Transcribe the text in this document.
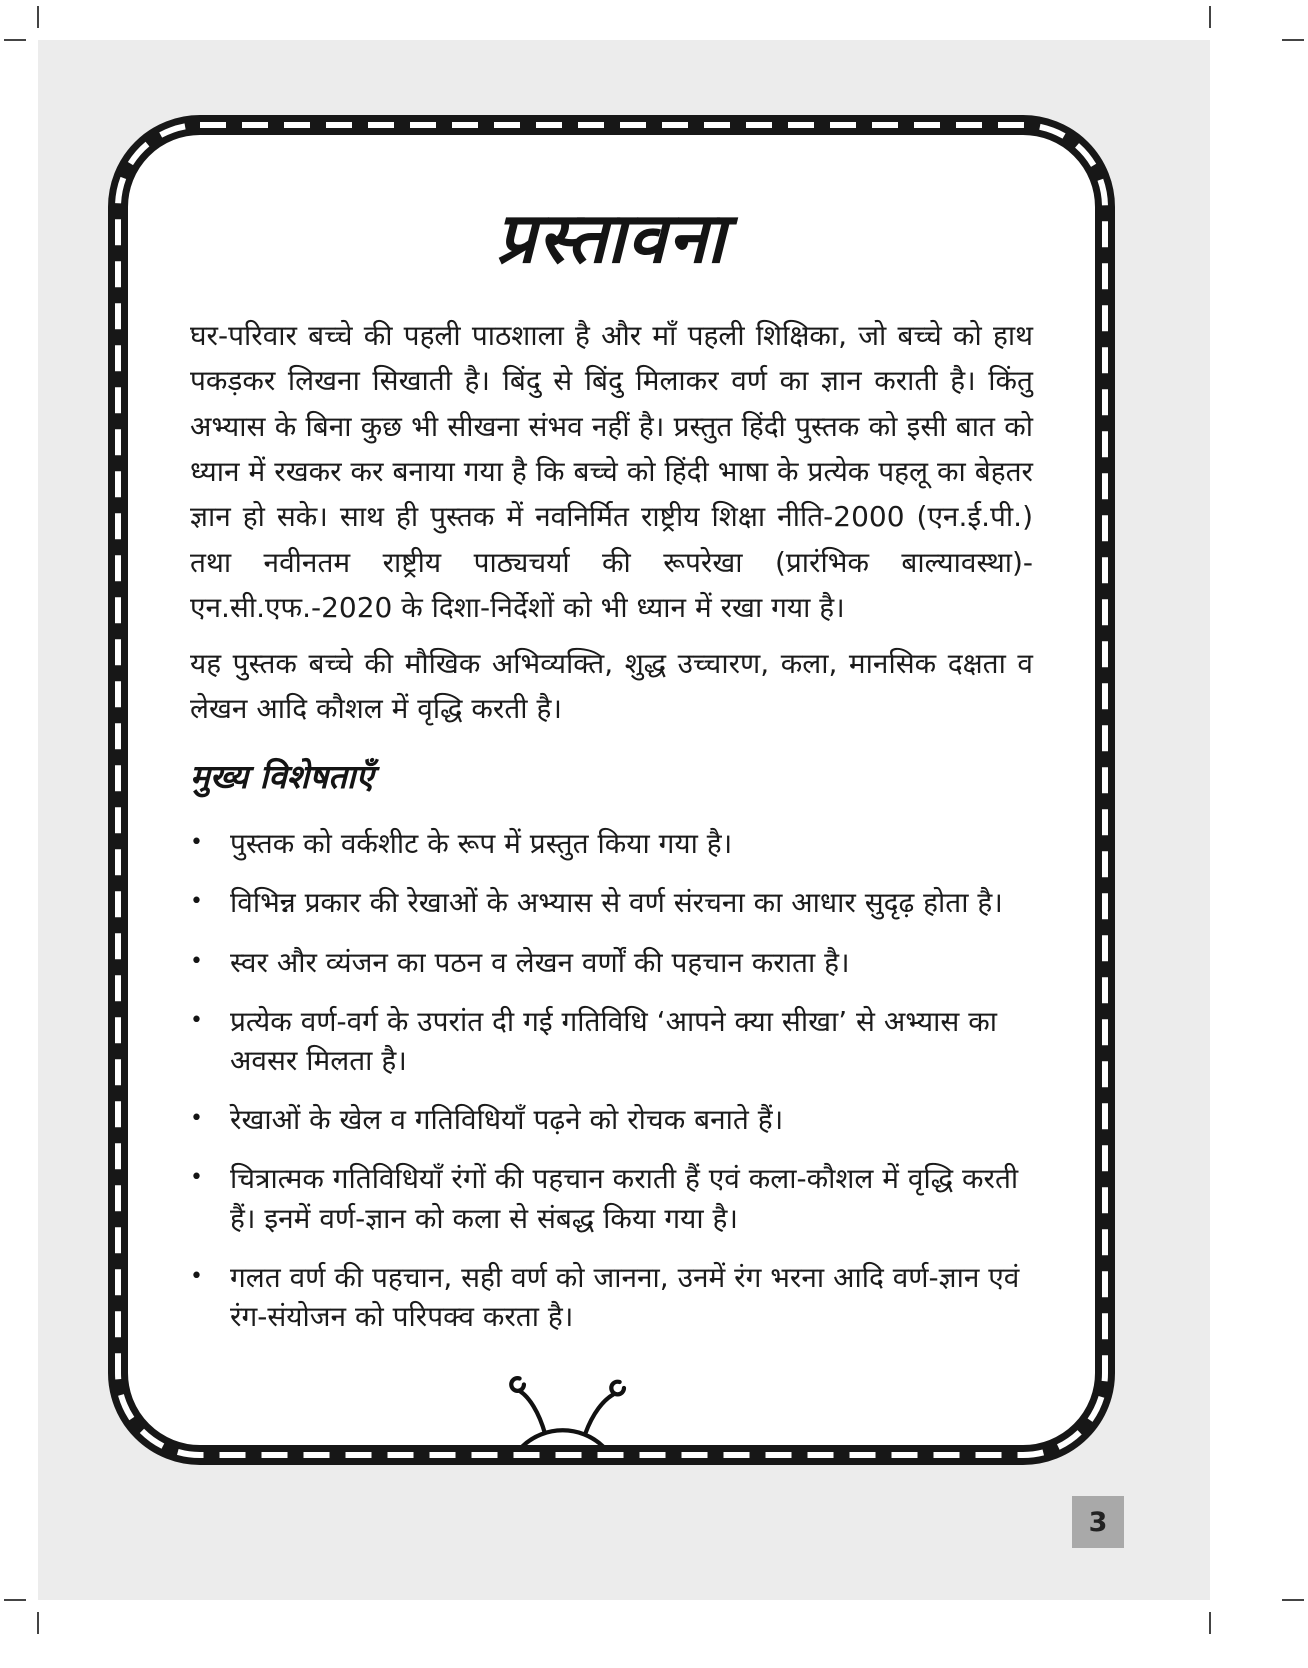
प्रस्तावना

घर-परिवार बच्चे की पहली पाठशाला है और माँ पहली शिक्षिका, जो बच्चे को हाथ पकड़कर लिखना सिखाती है। बिंदु से बिंदु मिलाकर वर्ण का ज्ञान कराती है। किंतु अभ्यास के बिना कुछ भी सीखना संभव नहीं है। प्रस्तुत हिंदी पुस्तक को इसी बात को ध्यान में रखकर कर बनाया गया है कि बच्चे को हिंदी भाषा के प्रत्येक पहलू का बेहतर ज्ञान हो सके। साथ ही पुस्तक में नवनिर्मित राष्ट्रीय शिक्षा नीति-2000 (एन.ई.पी.) तथा नवीनतम राष्ट्रीय पाठ्यचर्या की रूपरेखा (प्रारंभिक बाल्यावस्था)- एन.सी.एफ.-2020 के दिशा-निर्देशों को भी ध्यान में रखा गया है।

यह पुस्तक बच्चे की मौखिक अभिव्यक्ति, शुद्ध उच्चारण, कला, मानसिक दक्षता व लेखन आदि कौशल में वृद्धि करती है।

मुख्य विशेषताएँ
• पुस्तक को वर्कशीट के रूप में प्रस्तुत किया गया है।
• विभिन्न प्रकार की रेखाओं के अभ्यास से वर्ण संरचना का आधार सुदृढ़ होता है।
• स्वर और व्यंजन का पठन व लेखन वर्णों की पहचान कराता है।
• प्रत्येक वर्ण-वर्ग के उपरांत दी गई गतिविधि ‘आपने क्या सीखा’ से अभ्यास का अवसर मिलता है।
• रेखाओं के खेल व गतिविधियाँ पढ़ने को रोचक बनाते हैं।
• चित्रात्मक गतिविधियाँ रंगों की पहचान कराती हैं एवं कला-कौशल में वृद्धि करती हैं। इनमें वर्ण-ज्ञान को कला से संबद्ध किया गया है।
• गलत वर्ण की पहचान, सही वर्ण को जानना, उनमें रंग भरना आदि वर्ण-ज्ञान एवं रंग-संयोजन को परिपक्व करता है।
3
